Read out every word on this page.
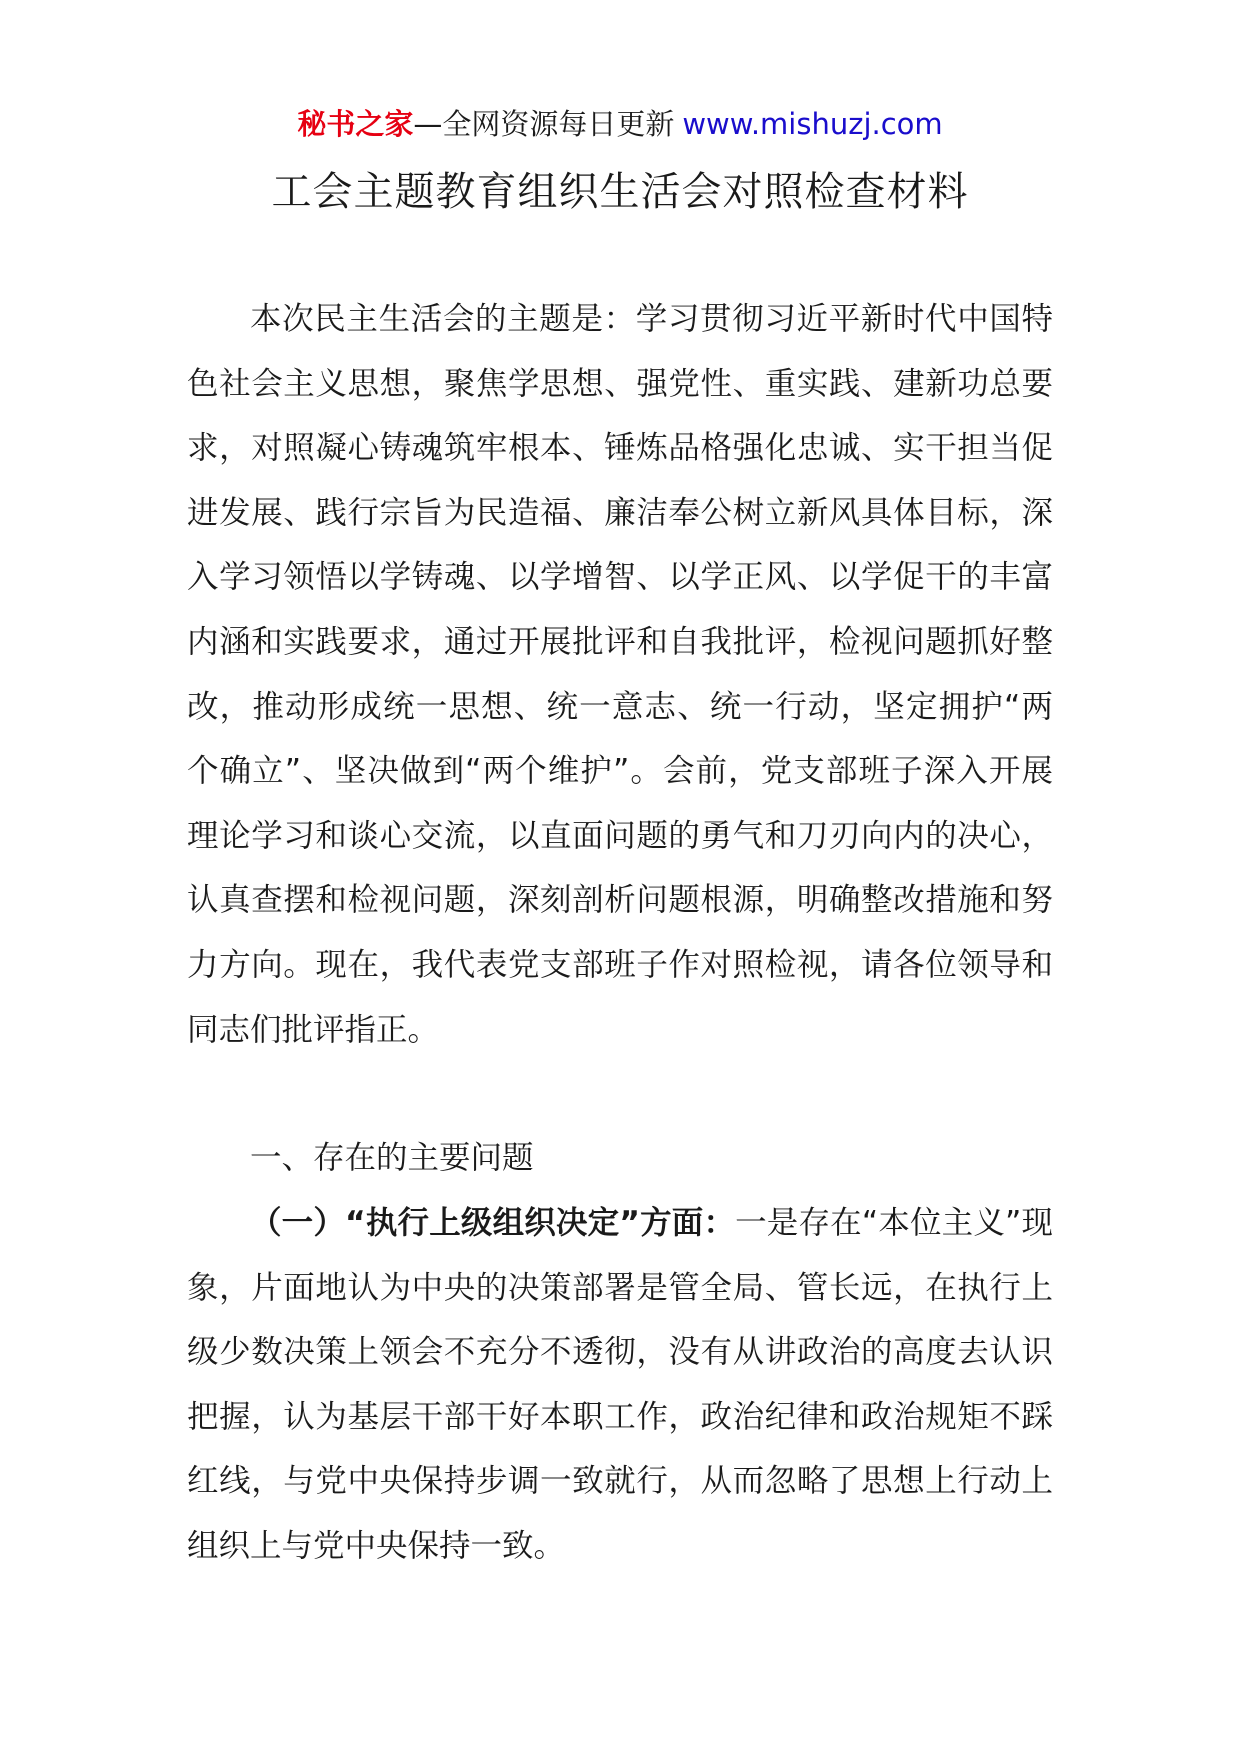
秘书之家—全网资源每日更新 www.mishuzj.com
工会主题教育组织生活会对照检查材料

本次民主生活会的主题是：学习贯彻习近平新时代中国特色社会主义思想，聚焦学思想、强党性、重实践、建新功总要求，对照凝心铸魂筑牢根本、锤炼品格强化忠诚、实干担当促进发展、践行宗旨为民造福、廉洁奉公树立新风具体目标，深入学习领悟以学铸魂、以学增智、以学正风、以学促干的丰富内涵和实践要求，通过开展批评和自我批评，检视问题抓好整改，推动形成统一思想、统一意志、统一行动，坚定拥护“两个确立”、坚决做到“两个维护”。会前，党支部班子深入开展理论学习和谈心交流，以直面问题的勇气和刀刃向内的决心，认真查摆和检视问题，深刻剖析问题根源，明确整改措施和努力方向。现在，我代表党支部班子作对照检视，请各位领导和同志们批评指正。

一、存在的主要问题

（一）“执行上级组织决定”方面：一是存在“本位主义”现象，片面地认为中央的决策部署是管全局、管长远，在执行上级少数决策上领会不充分不透彻，没有从讲政治的高度去认识把握，认为基层干部干好本职工作，政治纪律和政治规矩不踩红线，与党中央保持步调一致就行，从而忽略了思想上行动上组织上与党中央保持一致。
